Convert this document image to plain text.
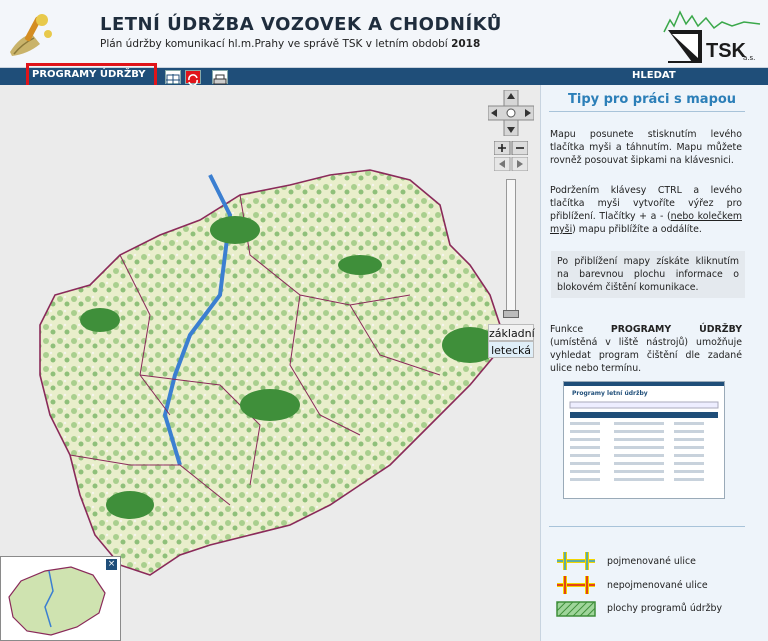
LETNÍ ÚDRŽBA VOZOVEK A CHODNÍKŮ
Plán údržby komunikací hl.m.Prahy ve správě TSK v letním období 2018	TSK
a.s.
PROGRAMY ÚDRŽBY	HLEDAT
základní
letecká
×
Tipy pro práci s mapou
Mapu posunete stisknutím levého tlačítka myši a táhnutím. Mapu můžete rovněž posouvat šipkami na klávesnici.
Podržením klávesy CTRL a levého tlačítka myši vytvoříte výřez pro přiblížení. Tlačítky + a - (nebo kolečkem myši) mapu přiblížíte a oddálíte.
Po přiblížení mapy získáte kliknutím na barevnou plochu informace o blokovém čištění komunikace.
Funkce PROGRAMY ÚDRŽBY (umístěná v liště nástrojů) umožňuje vyhledat program čištění dle zadané ulice nebo termínu.
Programy letní údržby
pojmenované ulice
nepojmenované ulice
plochy programů údržby
